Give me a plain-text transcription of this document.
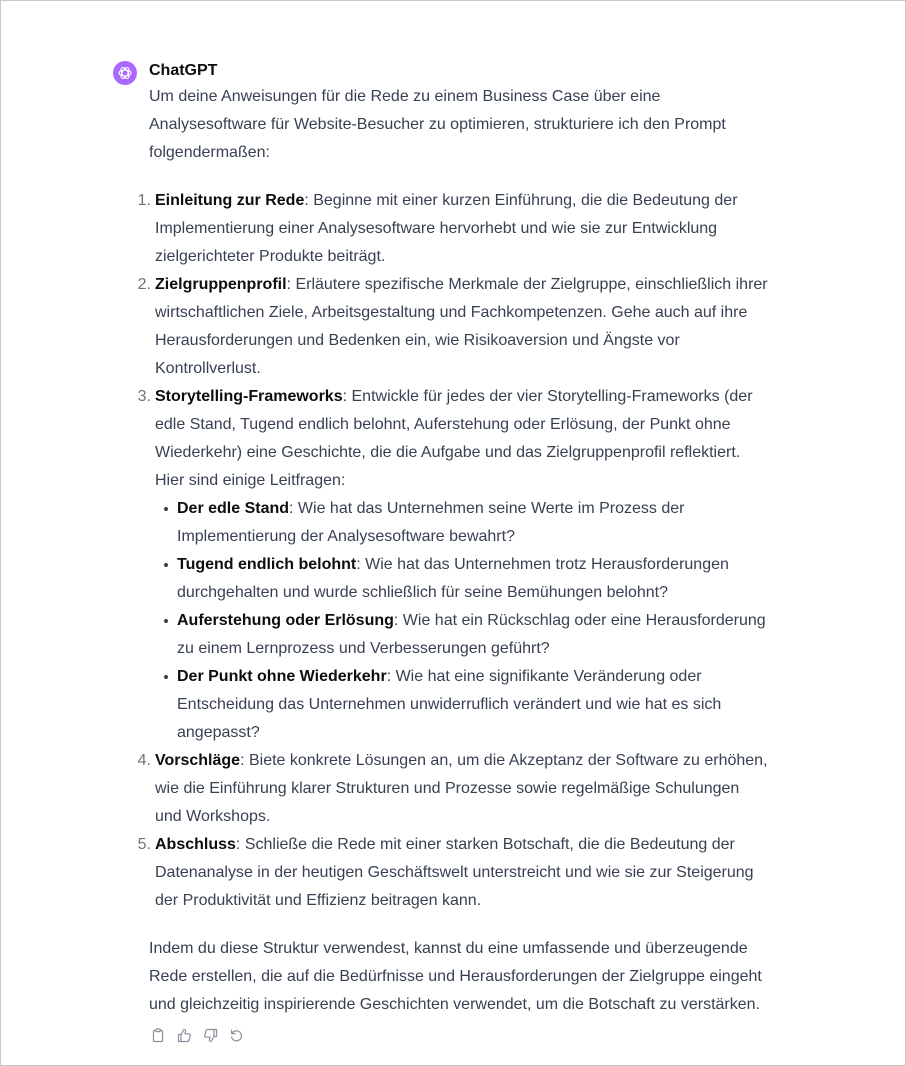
ChatGPT

Um deine Anweisungen für die Rede zu einem Business Case über eine Analysesoftware für Website-Besucher zu optimieren, strukturiere ich den Prompt folgendermaßen:

1 . Einleitung zur Rede: Beginne mit einer kurzen Einführung, die die Bedeutung der Implementierung einer Analysesoftware hervorhebt und wie sie zur Entwicklung zielgerichteter Produkte beiträgt.
2 . Zielgruppenprofil: Erläutere spezifische Merkmale der Zielgruppe, einschließlich ihrer wirtschaftlichen Ziele, Arbeitsgestaltung und Fachkompetenzen. Gehe auch auf ihre Herausforderungen und Bedenken ein, wie Risikoaversion und Ängste vor Kontrollverlust.
3 . Storytelling-Frameworks: Entwickle für jedes der vier Storytelling-Frameworks (der edle Stand, Tugend endlich belohnt, Auferstehung oder Erlösung, der Punkt ohne Wiederkehr) eine Geschichte, die die Aufgabe und das Zielgruppenprofil reflektiert. Hier sind einige Leitfragen:
Der edle Stand: Wie hat das Unternehmen seine Werte im Prozess der Implementierung der Analysesoftware bewahrt?
Tugend endlich belohnt: Wie hat das Unternehmen trotz Herausforderungen durchgehalten und wurde schließlich für seine Bemühungen belohnt?
Auferstehung oder Erlösung: Wie hat ein Rückschlag oder eine Herausforderung zu einem Lernprozess und Verbesserungen geführt?
Der Punkt ohne Wiederkehr: Wie hat eine signifikante Veränderung oder Entscheidung das Unternehmen unwiderruflich verändert und wie hat es sich angepasst?
4 . Vorschläge: Biete konkrete Lösungen an, um die Akzeptanz der Software zu erhöhen, wie die Einführung klarer Strukturen und Prozesse sowie regelmäßige Schulungen und Workshops.
5 . Abschluss: Schließe die Rede mit einer starken Botschaft, die die Bedeutung der Datenanalyse in der heutigen Geschäftswelt unterstreicht und wie sie zur Steigerung der Produktivität und Effizienz beitragen kann.

Indem du diese Struktur verwendest, kannst du eine umfassende und überzeugende Rede erstellen, die auf die Bedürfnisse und Herausforderungen der Zielgruppe eingeht und gleichzeitig inspirierende Geschichten verwendet, um die Botschaft zu verstärken.
